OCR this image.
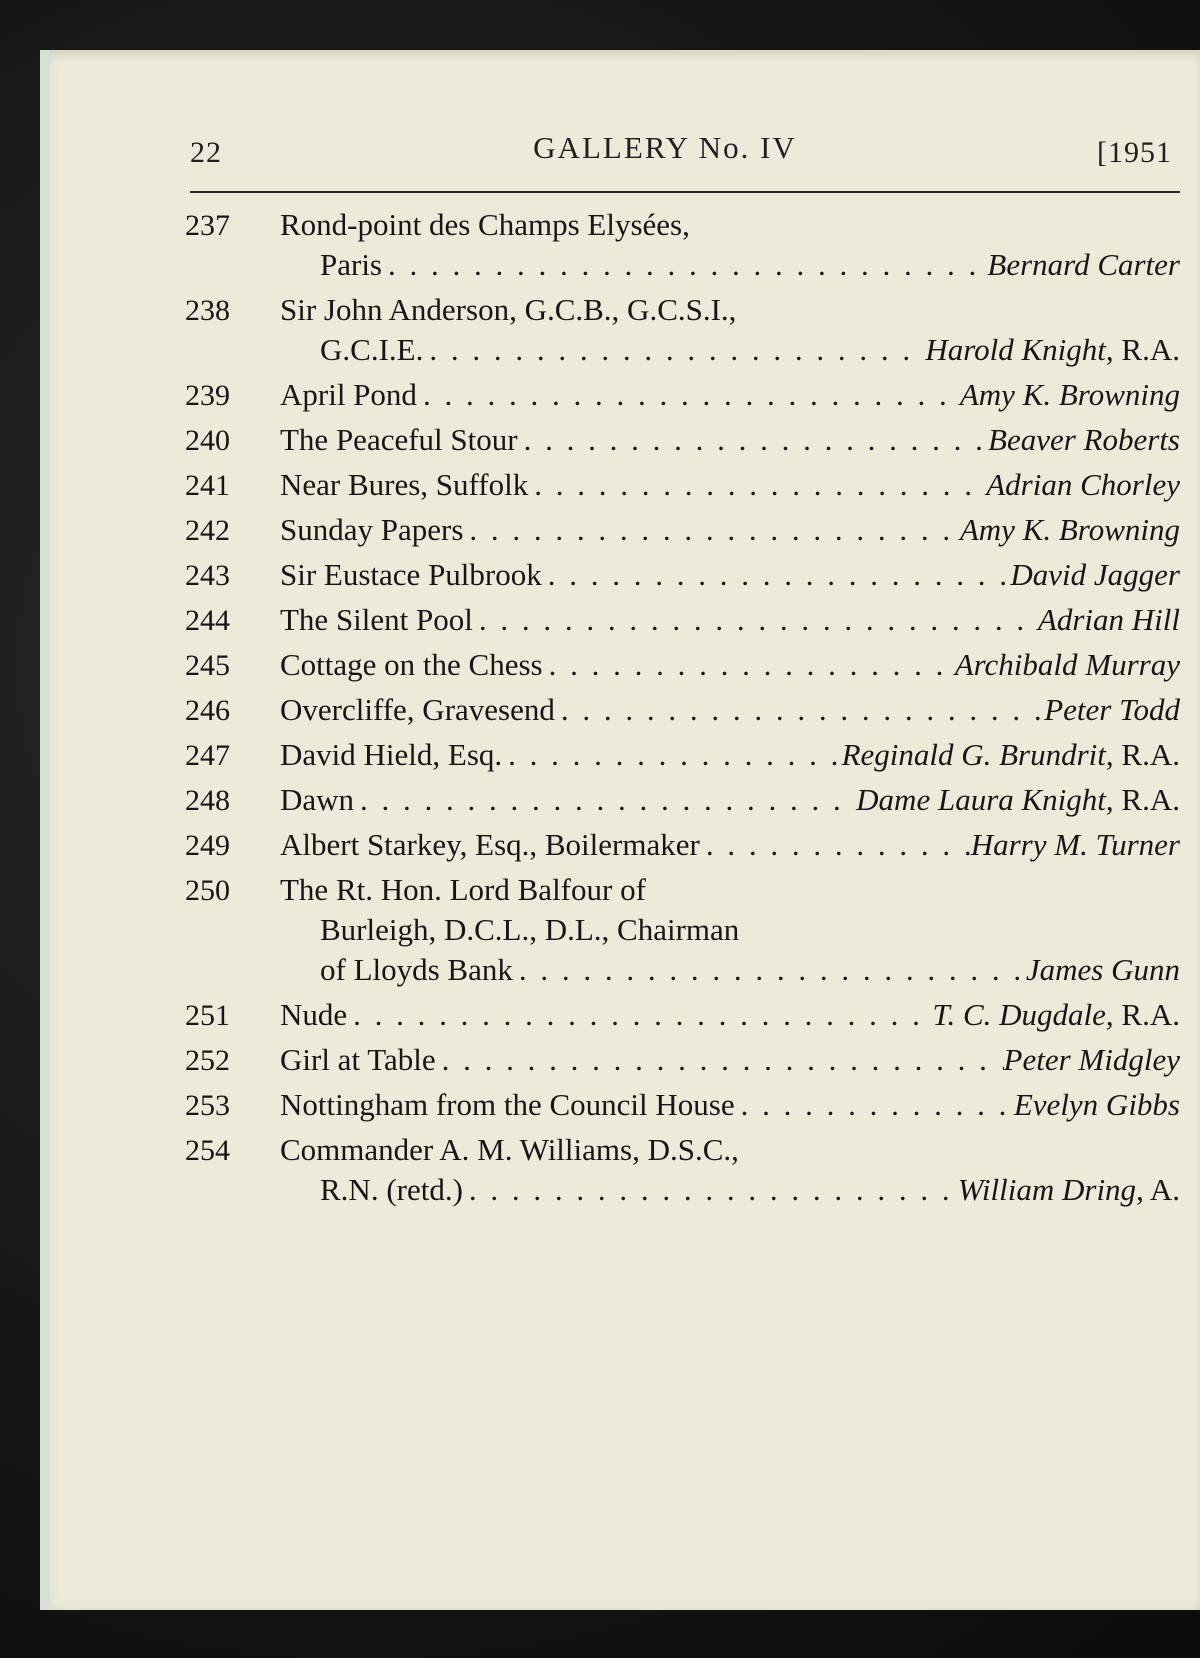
22	GALLERY No. IV	[1951
237	Rond-point des Champs Elysées,
Paris . . .	Bernard Carter
238	Sir John Anderson, G.C.B., G.C.S.I.,
G.C.I.E. . . .	Harold Knight, R.A.
239	April Pond . . .	Amy K. Browning
240	The Peaceful Stour . . .	Beaver Roberts
241	Near Bures, Suffolk . . .	Adrian Chorley
242	Sunday Papers . . .	Amy K. Browning
243	Sir Eustace Pulbrook . . .	David Jagger
244	The Silent Pool . . .	Adrian Hill
245	Cottage on the Chess . . .	Archibald Murray
246	Overcliffe, Gravesend . . .	Peter Todd
247	David Hield, Esq. . . .	Reginald G. Brundrit, R.A.
248	Dawn . . .	Dame Laura Knight, R.A.
249	Albert Starkey, Esq., Boilermaker . . .	Harry M. Turner
250	The Rt. Hon. Lord Balfour of
Burleigh, D.C.L., D.L., Chairman
of Lloyds Bank . . .	James Gunn
251	Nude . . .	T. C. Dugdale, R.A.
252	Girl at Table . . .	Peter Midgley
253	Nottingham from the Council House . . .	Evelyn Gibbs
254	Commander A. M. Williams, D.S.C.,
R.N. (retd.) . . .	William Dring, A.
